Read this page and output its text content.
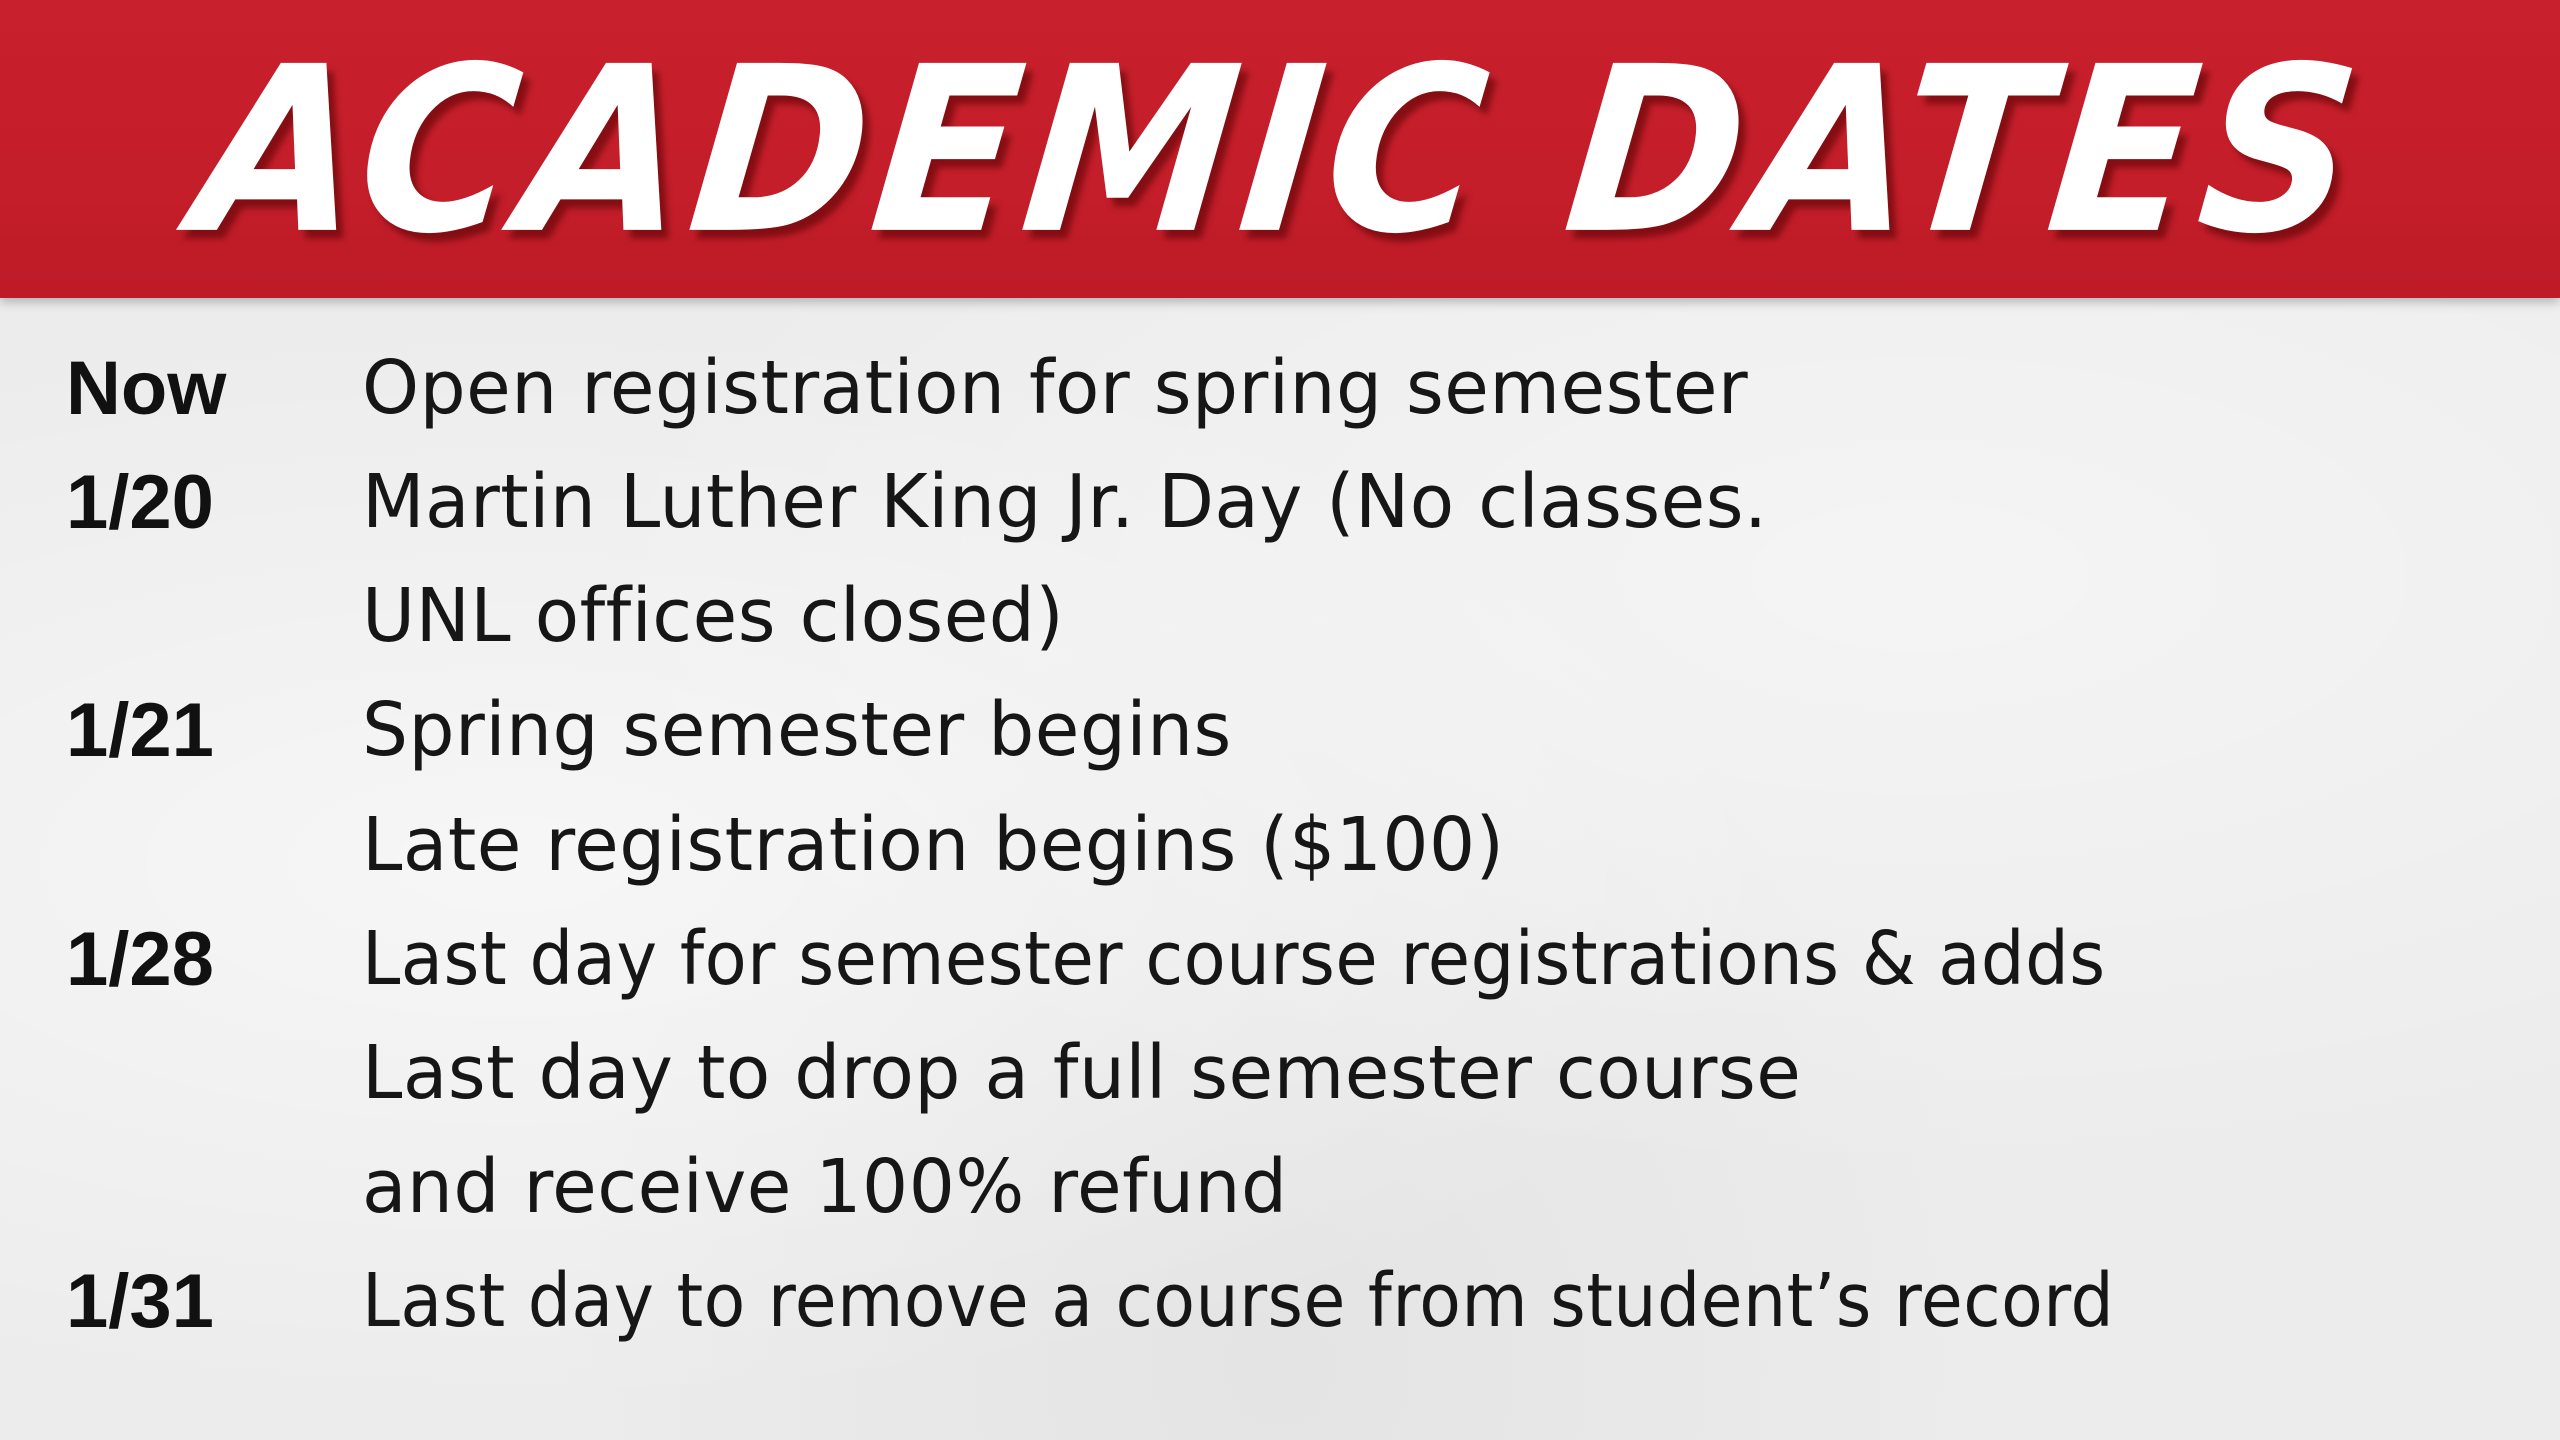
ACADEMIC DATES
Now Open registration for spring semester
1/20 Martin Luther King Jr. Day (No classes.
UNL offices closed)
1/21 Spring semester begins
Late registration begins ($100)
1/28 Last day for semester course registrations & adds
Last day to drop a full semester course
and receive 100% refund
1/31 Last day to remove a course from student’s record
